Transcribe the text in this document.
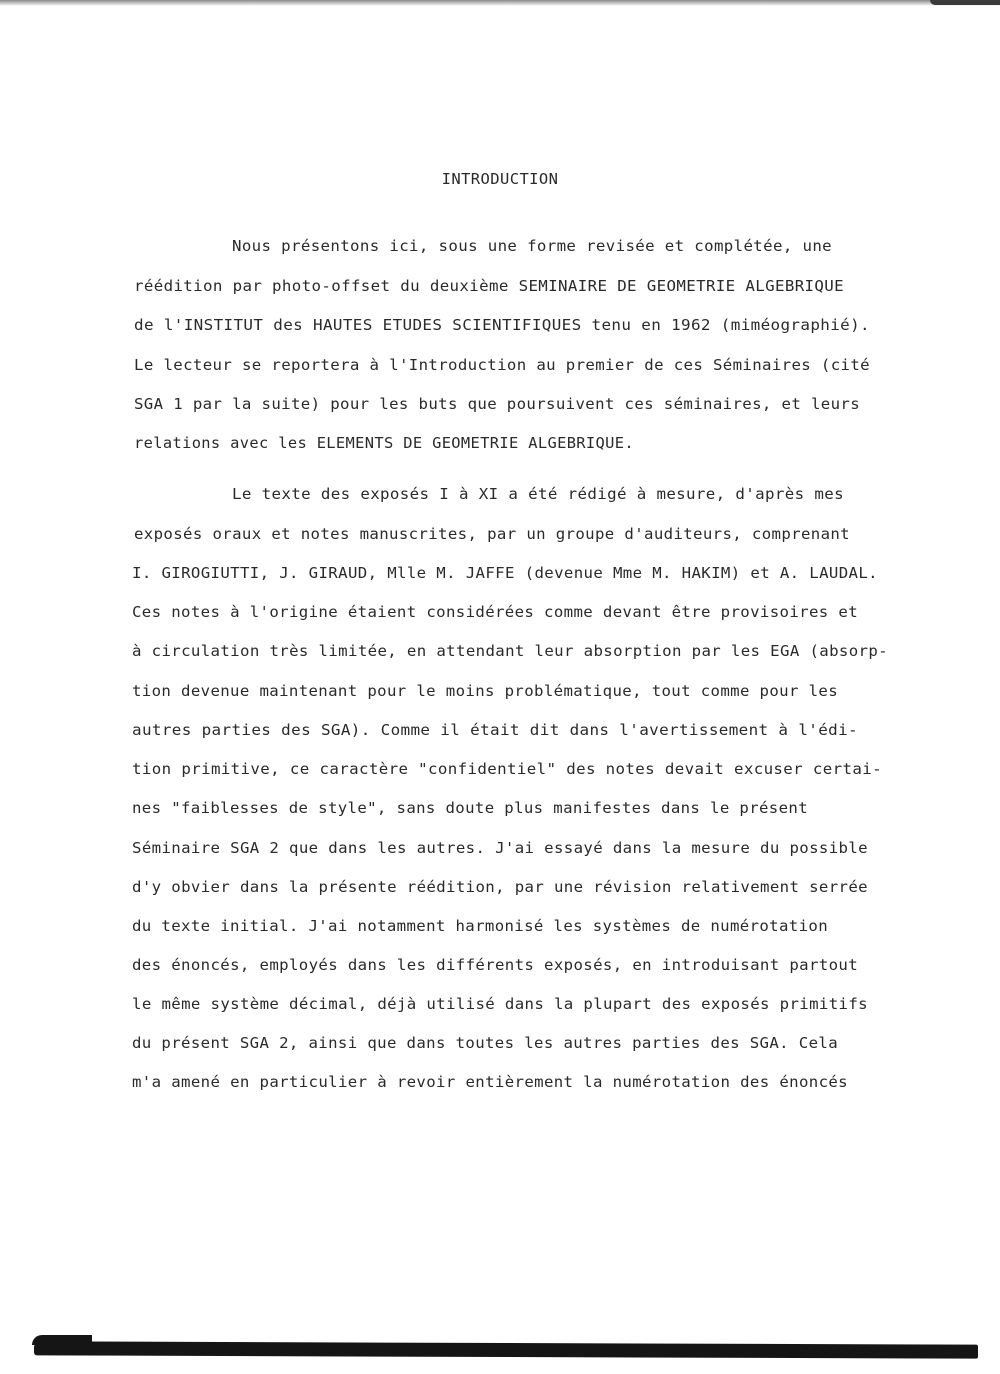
INTRODUCTION
Nous présentons ici, sous une forme revisée et complétée, une
réédition par photo-offset du deuxième SEMINAIRE DE GEOMETRIE ALGEBRIQUE
de l'INSTITUT des HAUTES ETUDES SCIENTIFIQUES tenu en 1962 (miméographié).
Le lecteur se reportera à l'Introduction au premier de ces Séminaires (cité
SGA 1 par la suite) pour les buts que poursuivent ces séminaires, et leurs
relations avec les ELEMENTS DE GEOMETRIE ALGEBRIQUE.
Le texte des exposés I à XI a été rédigé à mesure, d'après mes
exposés oraux et notes manuscrites, par un groupe d'auditeurs, comprenant
I. GIROGIUTTI, J. GIRAUD, Mlle M. JAFFE (devenue Mme M. HAKIM) et A. LAUDAL.
Ces notes à l'origine étaient considérées comme devant être provisoires et
à circulation très limitée, en attendant leur absorption par les EGA (absorp-
tion devenue maintenant pour le moins problématique, tout comme pour les
autres parties des SGA). Comme il était dit dans l'avertissement à l'édi-
tion primitive, ce caractère "confidentiel" des notes devait excuser certai-
nes "faiblesses de style", sans doute plus manifestes dans le présent
Séminaire SGA 2 que dans les autres. J'ai essayé dans la mesure du possible
d'y obvier dans la présente réédition, par une révision relativement serrée
du texte initial. J'ai notamment harmonisé les systèmes de numérotation
des énoncés, employés dans les différents exposés, en introduisant partout
le même système décimal, déjà utilisé dans la plupart des exposés primitifs
du présent SGA 2, ainsi que dans toutes les autres parties des SGA. Cela
m'a amené en particulier à revoir entièrement la numérotation des énoncés
